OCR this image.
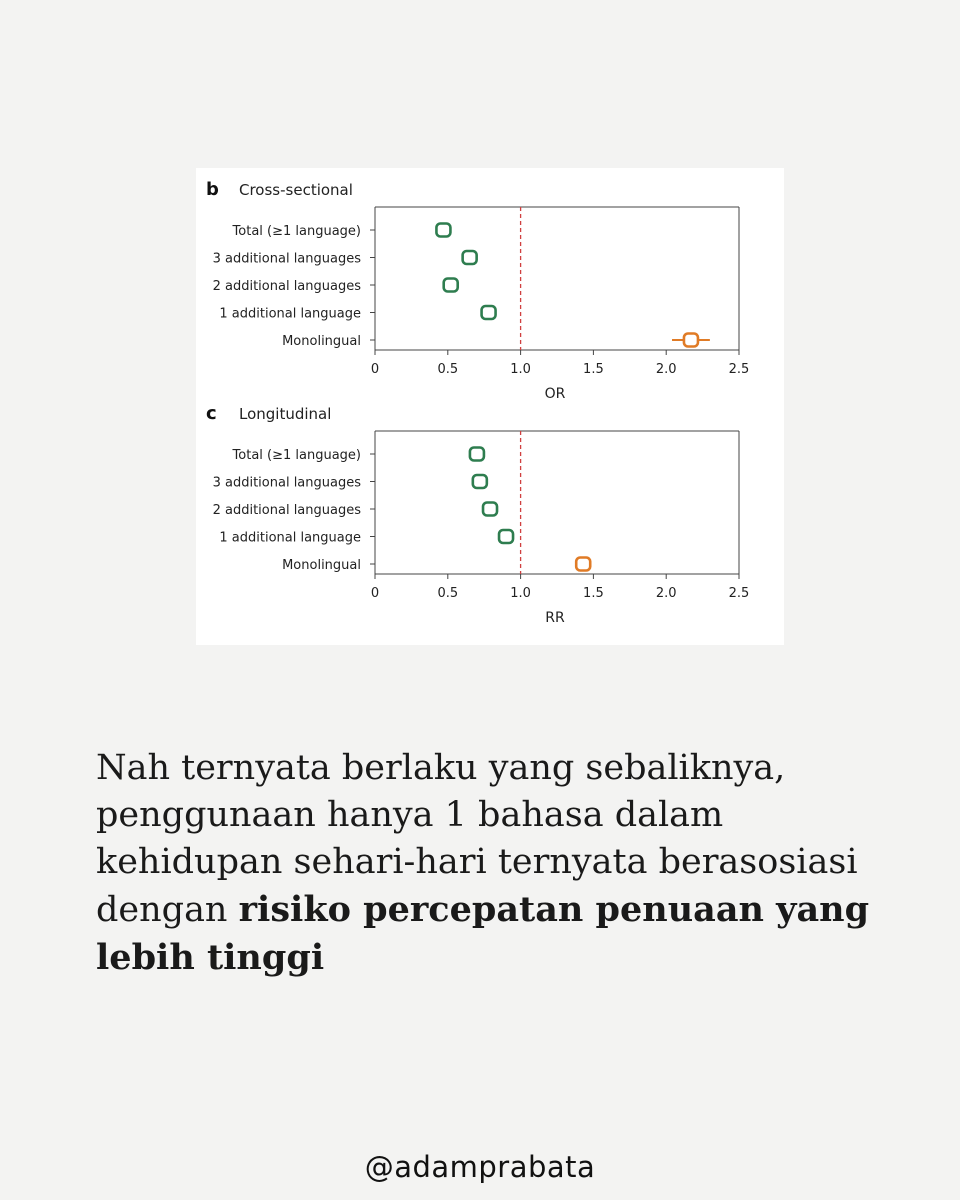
b Cross-sectional
Total (≥1 language)
3 additional languages
2 additional languages
1 additional language
Monolingual
0	0.5	1.0	1.5	2.0	2.5
OR
c Longitudinal
Total (≥1 language)
3 additional languages
2 additional languages
1 additional language
Monolingual
0	0.5	1.0	1.5	2.0	2.5
RR

Nah ternyata berlaku yang sebaliknya,
penggunaan hanya 1 bahasa dalam
kehidupan sehari-hari ternyata berasosiasi
dengan risiko percepatan penuaan yang
lebih tinggi

@adamprabata
